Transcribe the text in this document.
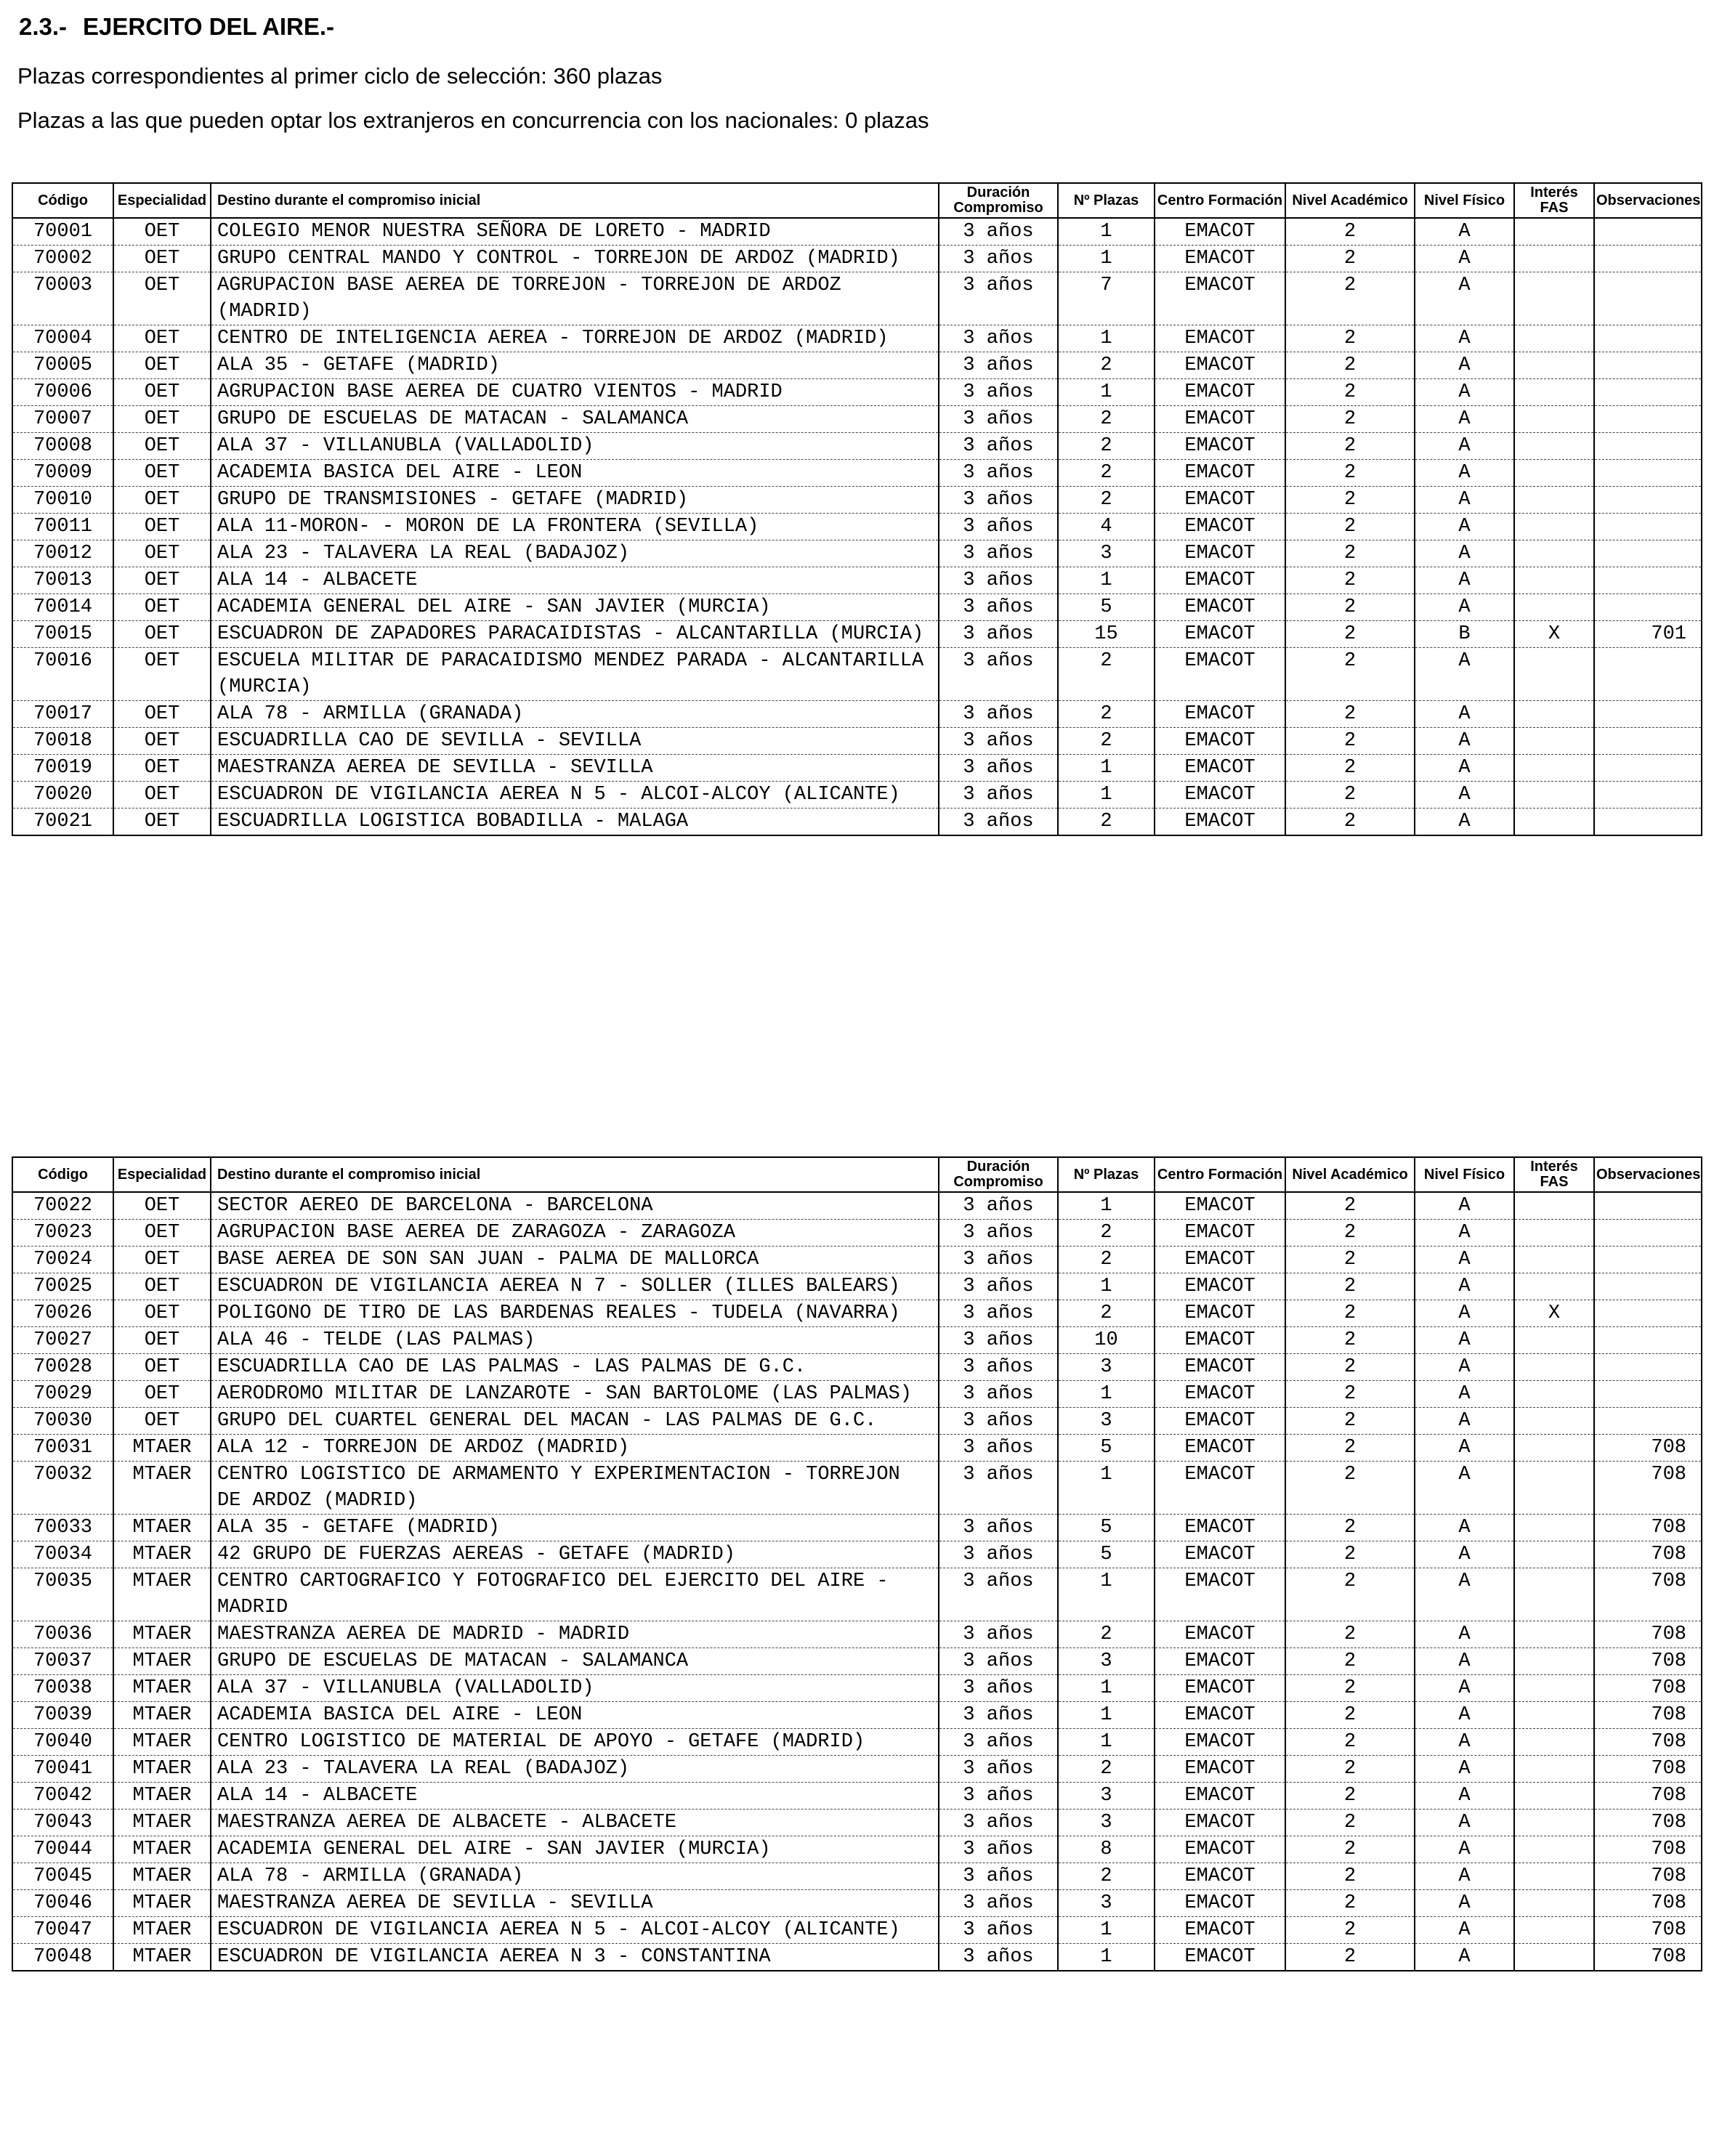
2.3.- EJERCITO DEL AIRE.-
Plazas correspondientes al primer ciclo de selección: 360 plazas
Plazas a las que pueden optar los extranjeros en concurrencia con los nacionales: 0 plazas
Código	Especialidad	Destino durante el compromiso inicial	Duración Compromiso	Nº Plazas	Centro Formación	Nivel Académico	Nivel Físico	Interés FAS	Observaciones
70001	OET	COLEGIO MENOR NUESTRA SEÑORA DE LORETO - MADRID	3 años	1	EMACOT	2	A		
70002	OET	GRUPO CENTRAL MANDO Y CONTROL - TORREJON DE ARDOZ (MADRID)	3 años	1	EMACOT	2	A		
70003	OET	AGRUPACION BASE AEREA DE TORREJON - TORREJON DE ARDOZ (MADRID)	3 años	7	EMACOT	2	A		
70004	OET	CENTRO DE INTELIGENCIA AEREA - TORREJON DE ARDOZ (MADRID)	3 años	1	EMACOT	2	A		
70005	OET	ALA 35 - GETAFE (MADRID)	3 años	2	EMACOT	2	A		
70006	OET	AGRUPACION BASE AEREA DE CUATRO VIENTOS - MADRID	3 años	1	EMACOT	2	A		
70007	OET	GRUPO DE ESCUELAS DE MATACAN - SALAMANCA	3 años	2	EMACOT	2	A		
70008	OET	ALA 37 - VILLANUBLA (VALLADOLID)	3 años	2	EMACOT	2	A		
70009	OET	ACADEMIA BASICA DEL AIRE - LEON	3 años	2	EMACOT	2	A		
70010	OET	GRUPO DE TRANSMISIONES - GETAFE (MADRID)	3 años	2	EMACOT	2	A		
70011	OET	ALA 11-MORON- - MORON DE LA FRONTERA (SEVILLA)	3 años	4	EMACOT	2	A		
70012	OET	ALA 23 - TALAVERA LA REAL (BADAJOZ)	3 años	3	EMACOT	2	A		
70013	OET	ALA 14 - ALBACETE	3 años	1	EMACOT	2	A		
70014	OET	ACADEMIA GENERAL DEL AIRE - SAN JAVIER (MURCIA)	3 años	5	EMACOT	2	A		
70015	OET	ESCUADRON DE ZAPADORES PARACAIDISTAS - ALCANTARILLA (MURCIA)	3 años	15	EMACOT	2	B	X	701
70016	OET	ESCUELA MILITAR DE PARACAIDISMO MENDEZ PARADA - ALCANTARILLA (MURCIA)	3 años	2	EMACOT	2	A		
70017	OET	ALA 78 - ARMILLA (GRANADA)	3 años	2	EMACOT	2	A		
70018	OET	ESCUADRILLA CAO DE SEVILLA - SEVILLA	3 años	2	EMACOT	2	A		
70019	OET	MAESTRANZA AEREA DE SEVILLA - SEVILLA	3 años	1	EMACOT	2	A		
70020	OET	ESCUADRON DE VIGILANCIA AEREA N 5 - ALCOI-ALCOY (ALICANTE)	3 años	1	EMACOT	2	A		
70021	OET	ESCUADRILLA LOGISTICA BOBADILLA - MALAGA	3 años	2	EMACOT	2	A		
Código	Especialidad	Destino durante el compromiso inicial	Duración Compromiso	Nº Plazas	Centro Formación	Nivel Académico	Nivel Físico	Interés FAS	Observaciones
70022	OET	SECTOR AEREO DE BARCELONA - BARCELONA	3 años	1	EMACOT	2	A		
70023	OET	AGRUPACION BASE AEREA DE ZARAGOZA - ZARAGOZA	3 años	2	EMACOT	2	A		
70024	OET	BASE AEREA DE SON SAN JUAN - PALMA DE MALLORCA	3 años	2	EMACOT	2	A		
70025	OET	ESCUADRON DE VIGILANCIA AEREA N 7 - SOLLER (ILLES BALEARS)	3 años	1	EMACOT	2	A		
70026	OET	POLIGONO DE TIRO DE LAS BARDENAS REALES - TUDELA (NAVARRA)	3 años	2	EMACOT	2	A	X	
70027	OET	ALA 46 - TELDE (LAS PALMAS)	3 años	10	EMACOT	2	A		
70028	OET	ESCUADRILLA CAO DE LAS PALMAS - LAS PALMAS DE G.C.	3 años	3	EMACOT	2	A		
70029	OET	AERODROMO MILITAR DE LANZAROTE - SAN BARTOLOME (LAS PALMAS)	3 años	1	EMACOT	2	A		
70030	OET	GRUPO DEL CUARTEL GENERAL DEL MACAN - LAS PALMAS DE G.C.	3 años	3	EMACOT	2	A		
70031	MTAER	ALA 12 - TORREJON DE ARDOZ (MADRID)	3 años	5	EMACOT	2	A		708
70032	MTAER	CENTRO LOGISTICO DE ARMAMENTO Y EXPERIMENTACION - TORREJON DE ARDOZ (MADRID)	3 años	1	EMACOT	2	A		708
70033	MTAER	ALA 35 - GETAFE (MADRID)	3 años	5	EMACOT	2	A		708
70034	MTAER	42 GRUPO DE FUERZAS AEREAS - GETAFE (MADRID)	3 años	5	EMACOT	2	A		708
70035	MTAER	CENTRO CARTOGRAFICO Y FOTOGRAFICO DEL EJERCITO DEL AIRE - MADRID	3 años	1	EMACOT	2	A		708
70036	MTAER	MAESTRANZA AEREA DE MADRID - MADRID	3 años	2	EMACOT	2	A		708
70037	MTAER	GRUPO DE ESCUELAS DE MATACAN - SALAMANCA	3 años	3	EMACOT	2	A		708
70038	MTAER	ALA 37 - VILLANUBLA (VALLADOLID)	3 años	1	EMACOT	2	A		708
70039	MTAER	ACADEMIA BASICA DEL AIRE - LEON	3 años	1	EMACOT	2	A		708
70040	MTAER	CENTRO LOGISTICO DE MATERIAL DE APOYO - GETAFE (MADRID)	3 años	1	EMACOT	2	A		708
70041	MTAER	ALA 23 - TALAVERA LA REAL (BADAJOZ)	3 años	2	EMACOT	2	A		708
70042	MTAER	ALA 14 - ALBACETE	3 años	3	EMACOT	2	A		708
70043	MTAER	MAESTRANZA AEREA DE ALBACETE - ALBACETE	3 años	3	EMACOT	2	A		708
70044	MTAER	ACADEMIA GENERAL DEL AIRE - SAN JAVIER (MURCIA)	3 años	8	EMACOT	2	A		708
70045	MTAER	ALA 78 - ARMILLA (GRANADA)	3 años	2	EMACOT	2	A		708
70046	MTAER	MAESTRANZA AEREA DE SEVILLA - SEVILLA	3 años	3	EMACOT	2	A		708
70047	MTAER	ESCUADRON DE VIGILANCIA AEREA N 5 - ALCOI-ALCOY (ALICANTE)	3 años	1	EMACOT	2	A		708
70048	MTAER	ESCUADRON DE VIGILANCIA AEREA N 3 - CONSTANTINA	3 años	1	EMACOT	2	A		708
